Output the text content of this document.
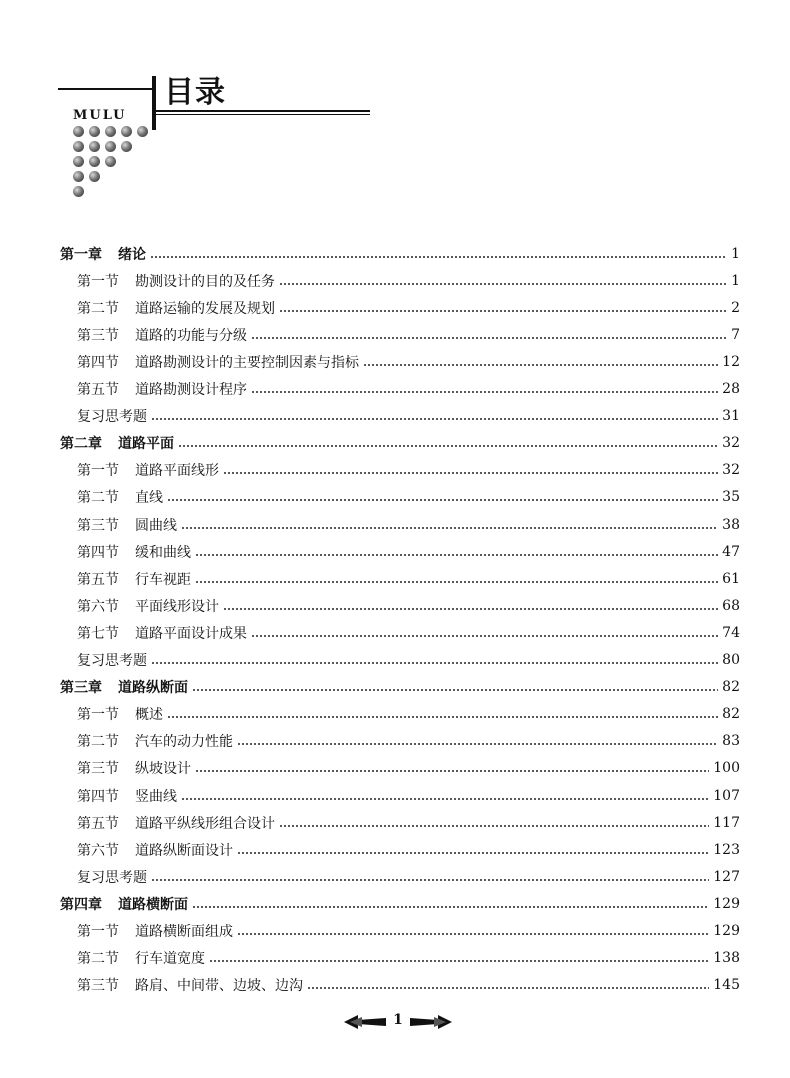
目录
MULU
第一章 绪论	1
第一节 勘测设计的目的及任务	1
第二节 道路运输的发展及规划	2
第三节 道路的功能与分级	7
第四节 道路勘测设计的主要控制因素与指标	12
第五节 道路勘测设计程序	28
复习思考题	31
第二章 道路平面	32
第一节 道路平面线形	32
第二节 直线	35
第三节 圆曲线	38
第四节 缓和曲线	47
第五节 行车视距	61
第六节 平面线形设计	68
第七节 道路平面设计成果	74
复习思考题	80
第三章 道路纵断面	82
第一节 概述	82
第二节 汽车的动力性能	83
第三节 纵坡设计	100
第四节 竖曲线	107
第五节 道路平纵线形组合设计	117
第六节 道路纵断面设计	123
复习思考题	127
第四章 道路横断面	129
第一节 道路横断面组成	129
第二节 行车道宽度	138
第三节 路肩、中间带、边坡、边沟	145
1
